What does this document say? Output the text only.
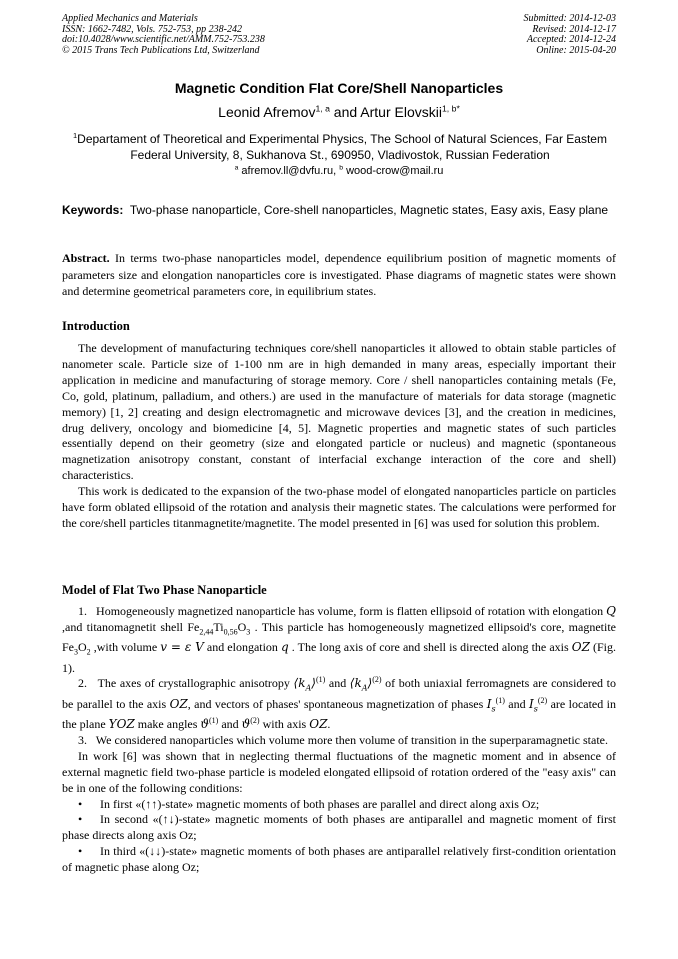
Applied Mechanics and Materials
ISSN: 1662-7482, Vols. 752-753, pp 238-242
doi:10.4028/www.scientific.net/AMM.752-753.238
© 2015 Trans Tech Publications Ltd, Switzerland
Submitted: 2014-12-03
Revised: 2014-12-17
Accepted: 2014-12-24
Online: 2015-04-20
Magnetic Condition Flat Core/Shell Nanoparticles
Leonid Afremov$^{1, a}$ and Artur Elovskii$^{1, b*}$
$^1$Departament of Theoretical and Experimental Physics, The School of Natural Sciences, Far Eastem Federal University, 8, Sukhanova St., 690950, Vladivostok, Russian Federation
$^a$ afremov.ll@dvfu.ru, $^b$ wood-crow@mail.ru
Keywords: Two-phase nanoparticle, Core-shell nanoparticles, Magnetic states, Easy axis, Easy plane
Abstract. In terms two-phase nanoparticles model, dependence equilibrium position of magnetic moments of parameters size and elongation nanoparticles core is investigated. Phase diagrams of magnetic states were shown and determine geometrical parameters core, in equilibrium states.
Introduction

The development of manufacturing techniques core/shell nanoparticles it allowed to obtain stable particles of nanometer scale. Particle size of 1-100 nm are in high demanded in many areas, especially important their application in medicine and manufacturing of storage memory. Core / shell nanoparticles containing metals (Fe, Co, gold, platinum, palladium, and others.) are used in the manufacture of materials for data storage (magnetic memory) [1, 2] creating and design electromagnetic and microwave devices [3], and the creation in medicines, drug delivery, oncology and biomedicine [4, 5]. Magnetic properties and magnetic states of such particles essentially depend on their geometry (size and elongated particle or nucleus) and magnetic (spontaneous magnetization anisotropy constant, constant of interfacial exchange interaction of the core and shell) characteristics.

This work is dedicated to the expansion of the two-phase model of elongated nanoparticles particle on particles have form oblated ellipsoid of the rotation and analysis their magnetic states. The calculations were performed for the core/shell particles titanmagnetite/magnetite. The model presented in [6] was used for solution this problem.

Model of Flat Two Phase Nanoparticle

1.   Homogeneously magnetized nanoparticle has volume, form is flatten ellipsoid of rotation with elongation Q ,and titanomagnetit shell $Fe_{2,44}Ti_{0,56}O_3$ . This particle has homogeneously magnetized ellipsoid's core, magnetite $Fe_3O_2$ ,with volume v = ε V and elongation q . The long axis of core and shell is directed along the axis OZ (Fig. 1).

2.   The axes of crystallographic anisotropy $⟨k_A⟩^{(1)}$ and $⟨k_A⟩^{(2)}$ of both uniaxial ferromagnets are considered to be parallel to the axis OZ, and vectors of phases' spontaneous magnetization of phases $I_s^{(1)}$ and $I_s^{(2)}$ are located in the plane YOZ make angles $ϑ^{(1)}$ and $ϑ^{(2)}$ with axis OZ.

3.   We considered nanoparticles which volume more then volume of transition in the superparamagnetic state.

In work [6] was shown that in neglecting thermal fluctuations of the magnetic moment and in absence of external magnetic field two-phase particle is modeled elongated ellipsoid of rotation ordered of the "easy axis" can be in one of the following conditions:

• In first «(↑↑)-state» magnetic moments of both phases are parallel and direct along axis Oz;

• In second «(↑↓)-state» magnetic moments of both phases are antiparallel and magnetic moment of first phase directs along axis Oz;

• In third «(↓↓)-state» magnetic moments of both phases are antiparallel relatively first-condition orientation of magnetic phase along Oz;
